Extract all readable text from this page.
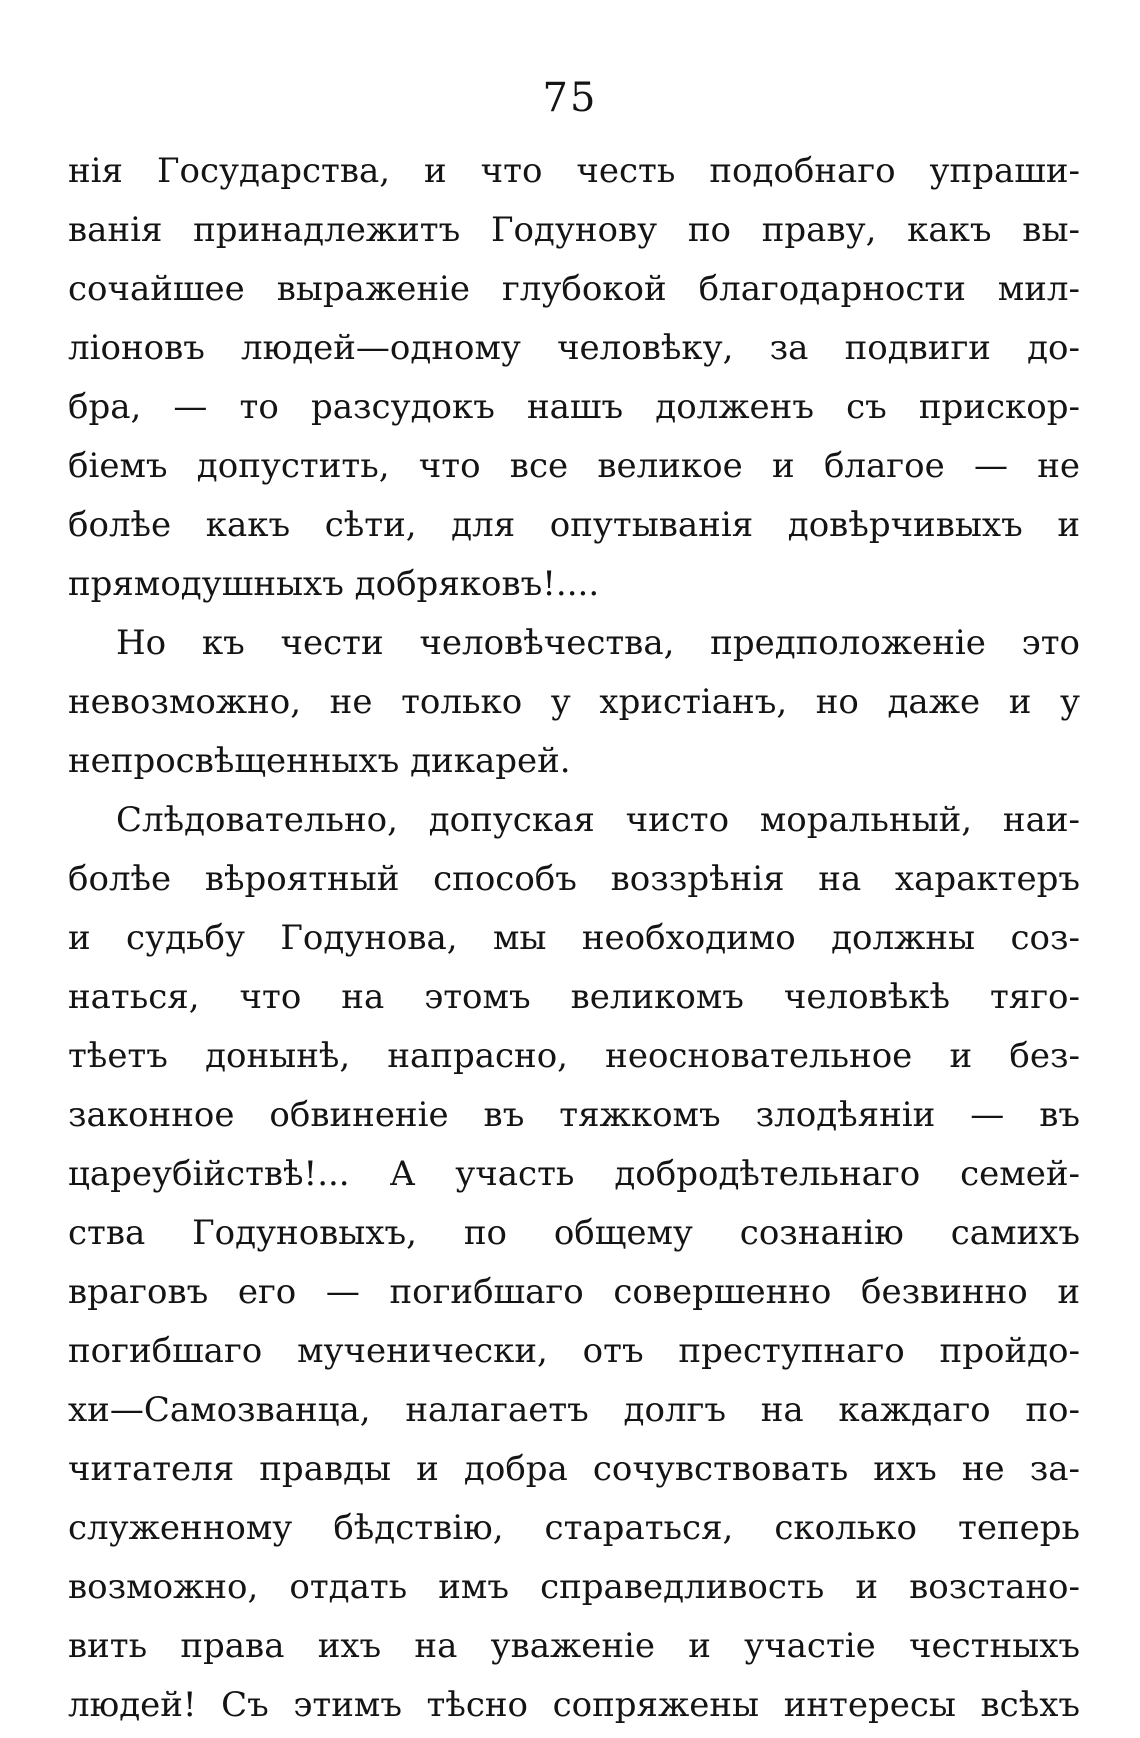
75
нія Государства, и что честь подобнаго упраши-
ванія принадлежитъ Годунову по праву, какъ вы-
сочайшее выраженіе глубокой благодарности мил-
ліоновъ людей—одному человѣку, за подвиги до-
бра, — то разсудокъ нашъ долженъ съ прискор-
біемъ допустить, что все великое и благое — не
болѣе какъ сѣти, для опутыванія довѣрчивыхъ и
прямодушныхъ добряковъ!....
Но къ чести человѣчества, предположеніе это
невозможно, не только у христіанъ, но даже и у
непросвѣщенныхъ дикарей.
Слѣдовательно, допуская чисто моральный, наи-
болѣе вѣроятный способъ воззрѣнія на характеръ
и судьбу Годунова, мы необходимо должны соз-
наться, что на этомъ великомъ человѣкѣ тяго-
тѣетъ донынѣ, напрасно, неосновательное и без-
законное обвиненіе въ тяжкомъ злодѣяніи — въ
цареубійствѣ!... А участь добродѣтельнаго семей-
ства Годуновыхъ, по общему сознанію самихъ
враговъ его — погибшаго совершенно безвинно и
погибшаго мученически, отъ преступнаго пройдо-
хи—Самозванца, налагаетъ долгъ на каждаго по-
читателя правды и добра сочувствовать ихъ не за-
служенному бѣдствію, стараться, сколько теперь
возможно, отдать имъ справедливость и возстано-
вить права ихъ на уваженіе и участіе честныхъ
людей! Съ этимъ тѣсно сопряжены интересы всѣхъ
